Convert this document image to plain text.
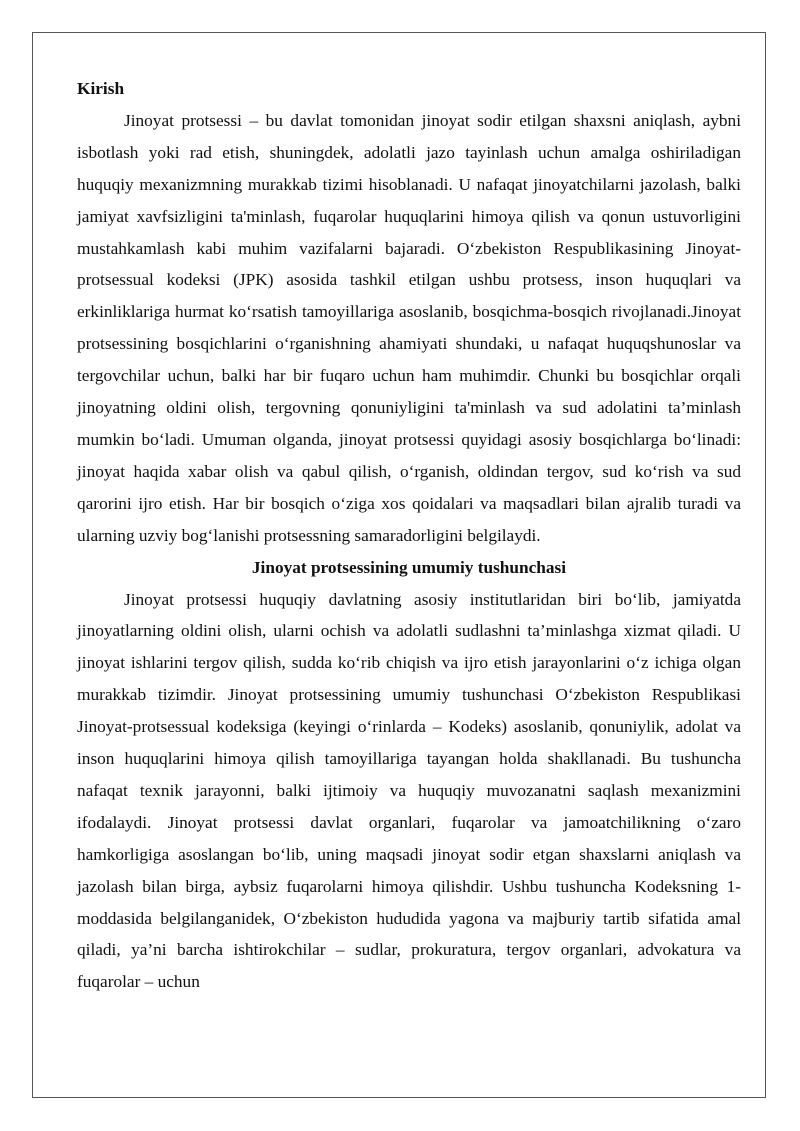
Kirish

Jinoyat protsessi – bu davlat tomonidan jinoyat sodir etilgan shaxsni aniqlash, aybni isbotlash yoki rad etish, shuningdek, adolatli jazo tayinlash uchun amalga oshiriladigan huquqiy mexanizmning murakkab tizimi hisoblanadi. U nafaqat jinoyatchilarni jazolash, balki jamiyat xavfsizligini ta'minlash, fuqarolar huquqlarini himoya qilish va qonun ustuvorligini mustahkamlash kabi muhim vazifalarni bajaradi. O‘zbekiston Respublikasining Jinoyat-protsessual kodeksi (JPK) asosida tashkil etilgan ushbu protsess, inson huquqlari va erkinliklariga hurmat ko‘rsatish tamoyillariga asoslanib, bosqichma-bosqich rivojlanadi.Jinoyat protsessining bosqichlarini o‘rganishning ahamiyati shundaki, u nafaqat huquqshunoslar va tergovchilar uchun, balki har bir fuqaro uchun ham muhimdir. Chunki bu bosqichlar orqali jinoyatning oldini olish, tergovning qonuniyligini ta'minlash va sud adolatini ta’minlash mumkin bo‘ladi. Umuman olganda, jinoyat protsessi quyidagi asosiy bosqichlarga bo‘linadi: jinoyat haqida xabar olish va qabul qilish, o‘rganish, oldindan tergov, sud ko‘rish va sud qarorini ijro etish. Har bir bosqich o‘ziga xos qoidalari va maqsadlari bilan ajralib turadi va ularning uzviy bog‘lanishi protsessning samaradorligini belgilaydi.

Jinoyat protsessining umumiy tushunchasi

Jinoyat protsessi huquqiy davlatning asosiy institutlaridan biri bo‘lib, jamiyatda jinoyatlarning oldini olish, ularni ochish va adolatli sudlashni ta’minlashga xizmat qiladi. U jinoyat ishlarini tergov qilish, sudda ko‘rib chiqish va ijro etish jarayonlarini o‘z ichiga olgan murakkab tizimdir. Jinoyat protsessining umumiy tushunchasi O‘zbekiston Respublikasi Jinoyat-protsessual kodeksiga (keyingi o‘rinlarda – Kodeks) asoslanib, qonuniylik, adolat va inson huquqlarini himoya qilish tamoyillariga tayangan holda shakllanadi. Bu tushuncha nafaqat texnik jarayonni, balki ijtimoiy va huquqiy muvozanatni saqlash mexanizmini ifodalaydi. Jinoyat protsessi davlat organlari, fuqarolar va jamoatchilikning o‘zaro hamkorligiga asoslangan bo‘lib, uning maqsadi jinoyat sodir etgan shaxslarni aniqlash va jazolash bilan birga, aybsiz fuqarolarni himoya qilishdir. Ushbu tushuncha Kodeksning 1-moddasida belgilanganidek, O‘zbekiston hududida yagona va majburiy tartib sifatida amal qiladi, ya’ni barcha ishtirokchilar – sudlar, prokuratura, tergov organlari, advokatura va fuqarolar – uchun
